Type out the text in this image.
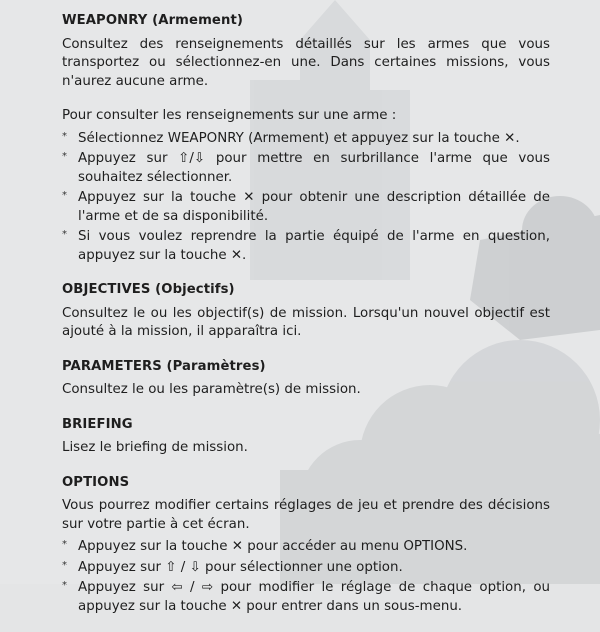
WEAPONRY (Armement)
Consultez des renseignements détaillés sur les armes que vous transportez ou sélectionnez-en une. Dans certaines missions, vous n'aurez aucune arme.
Pour consulter les renseignements sur une arme :
* Sélectionnez WEAPONRY (Armement) et appuyez sur la touche ✕.
* Appuyez sur ⇧/⇩ pour mettre en surbrillance l'arme que vous souhaitez sélectionner.
* Appuyez sur la touche ✕ pour obtenir une description détaillée de l'arme et de sa disponibilité.
* Si vous voulez reprendre la partie équipé de l'arme en question, appuyez sur la touche ✕.
OBJECTIVES (Objectifs)
Consultez le ou les objectif(s) de mission. Lorsqu'un nouvel objectif est ajouté à la mission, il apparaîtra ici.
PARAMETERS (Paramètres)
Consultez le ou les paramètre(s) de mission.
BRIEFING
Lisez le briefing de mission.
OPTIONS
Vous pourrez modifier certains réglages de jeu et prendre des décisions sur votre partie à cet écran.
* Appuyez sur la touche ✕ pour accéder au menu OPTIONS.
* Appuyez sur ⇧ / ⇩ pour sélectionner une option.
* Appuyez sur ⇦ / ⇨ pour modifier le réglage de chaque option, ou appuyez sur la touche ✕ pour entrer dans un sous-menu.
